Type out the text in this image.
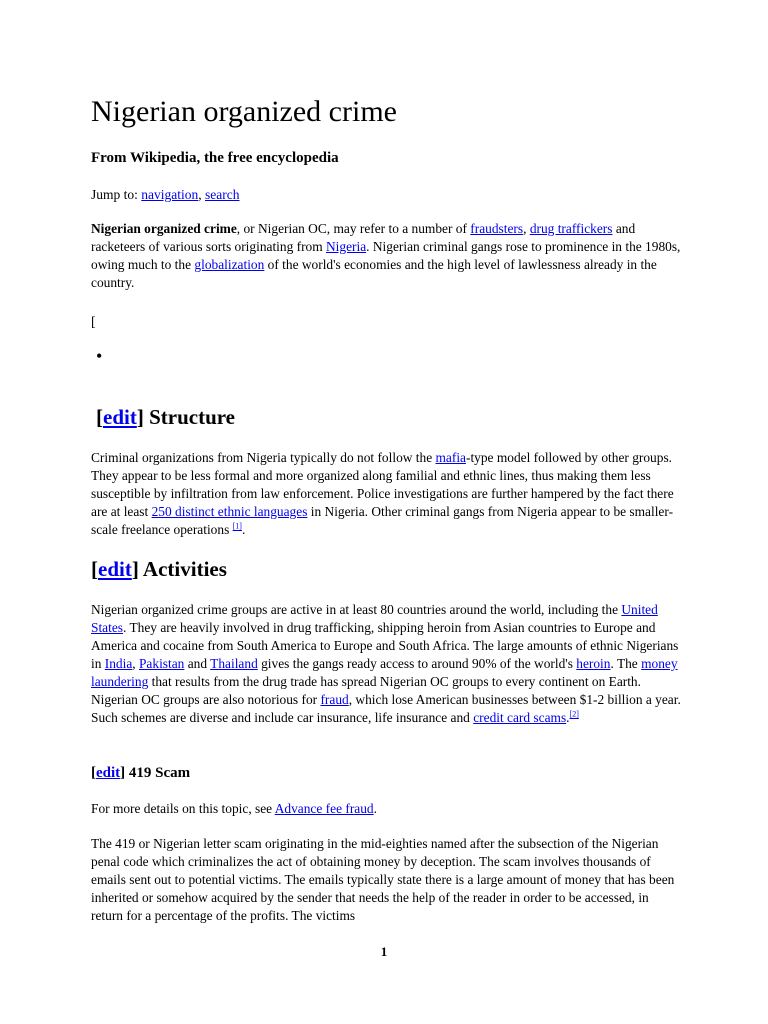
Nigerian organized crime
From Wikipedia, the free encyclopedia
Jump to: navigation, search

Nigerian organized crime, or Nigerian OC, may refer to a number of fraudsters, drug traffickers and racketeers of various sorts originating from Nigeria. Nigerian criminal gangs rose to prominence in the 1980s, owing much to the globalization of the world's economies and the high level of lawlessness already in the country.

[
•
[edit] Structure

Criminal organizations from Nigeria typically do not follow the mafia-type model followed by other groups. They appear to be less formal and more organized along familial and ethnic lines, thus making them less susceptible by infiltration from law enforcement. Police investigations are further hampered by the fact there are at least 250 distinct ethnic languages in Nigeria. Other criminal gangs from Nigeria appear to be smaller-scale freelance operations [1].

[edit] Activities

Nigerian organized crime groups are active in at least 80 countries around the world, including the United States. They are heavily involved in drug trafficking, shipping heroin from Asian countries to Europe and America and cocaine from South America to Europe and South Africa. The large amounts of ethnic Nigerians in India, Pakistan and Thailand gives the gangs ready access to around 90% of the world's heroin. The money laundering that results from the drug trade has spread Nigerian OC groups to every continent on Earth. Nigerian OC groups are also notorious for fraud, which lose American businesses between $1-2 billion a year. Such schemes are diverse and include car insurance, life insurance and credit card scams.[2]

[edit] 419 Scam

For more details on this topic, see Advance fee fraud.

The 419 or Nigerian letter scam originating in the mid-eighties named after the subsection of the Nigerian penal code which criminalizes the act of obtaining money by deception. The scam involves thousands of emails sent out to potential victims. The emails typically state there is a large amount of money that has been inherited or somehow acquired by the sender that needs the help of the reader in order to be accessed, in return for a percentage of the profits. The victims

1
